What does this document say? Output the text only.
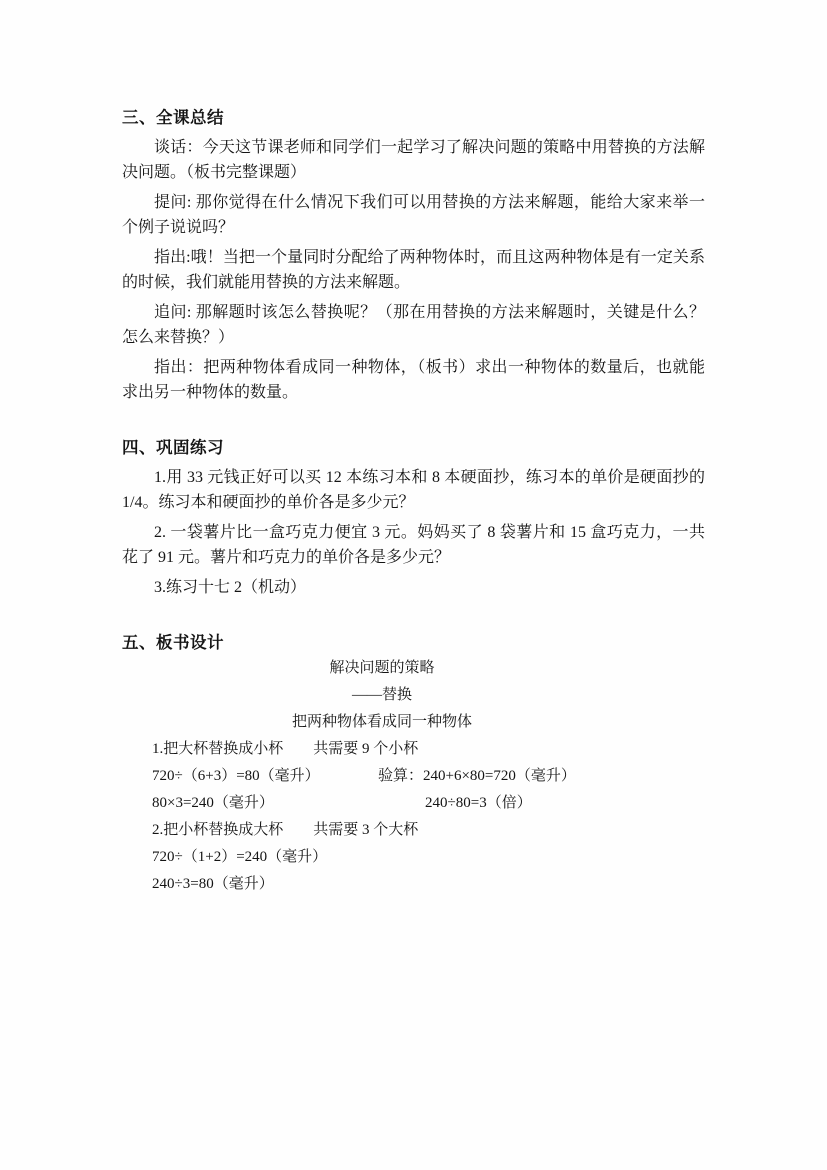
三、全课总结

谈话：今天这节课老师和同学们一起学习了解决问题的策略中用替换的方法解决问题。（板书完整课题）

提问: 那你觉得在什么情况下我们可以用替换的方法来解题，能给大家来举一个例子说说吗？

指出:哦！当把一个量同时分配给了两种物体时，而且这两种物体是有一定关系的时候，我们就能用替换的方法来解题。

追问: 那解题时该怎么替换呢？（那在用替换的方法来解题时，关键是什么？怎么来替换？）

指出：把两种物体看成同一种物体，（板书）求出一种物体的数量后，也就能求出另一种物体的数量。

四、巩固练习

1.用 33 元钱正好可以买 12 本练习本和 8 本硬面抄，练习本的单价是硬面抄的 1/4。练习本和硬面抄的单价各是多少元？

2. 一袋薯片比一盒巧克力便宜 3 元。妈妈买了 8 袋薯片和 15 盒巧克力，一共花了 91 元。薯片和巧克力的单价各是多少元？

3.练习十七 2（机动）

五、板书设计
解决问题的策略
——替换
把两种物体看成同一种物体
1.把大杯替换成小杯　　共需要 9 个小杯
720÷（6+3）=80（毫升）	验算：240+6×80=720（毫升）
80×3=240（毫升）	240÷80=3（倍）
2.把小杯替换成大杯　　共需要 3 个大杯
720÷（1+2）=240（毫升）
240÷3=80（毫升）
